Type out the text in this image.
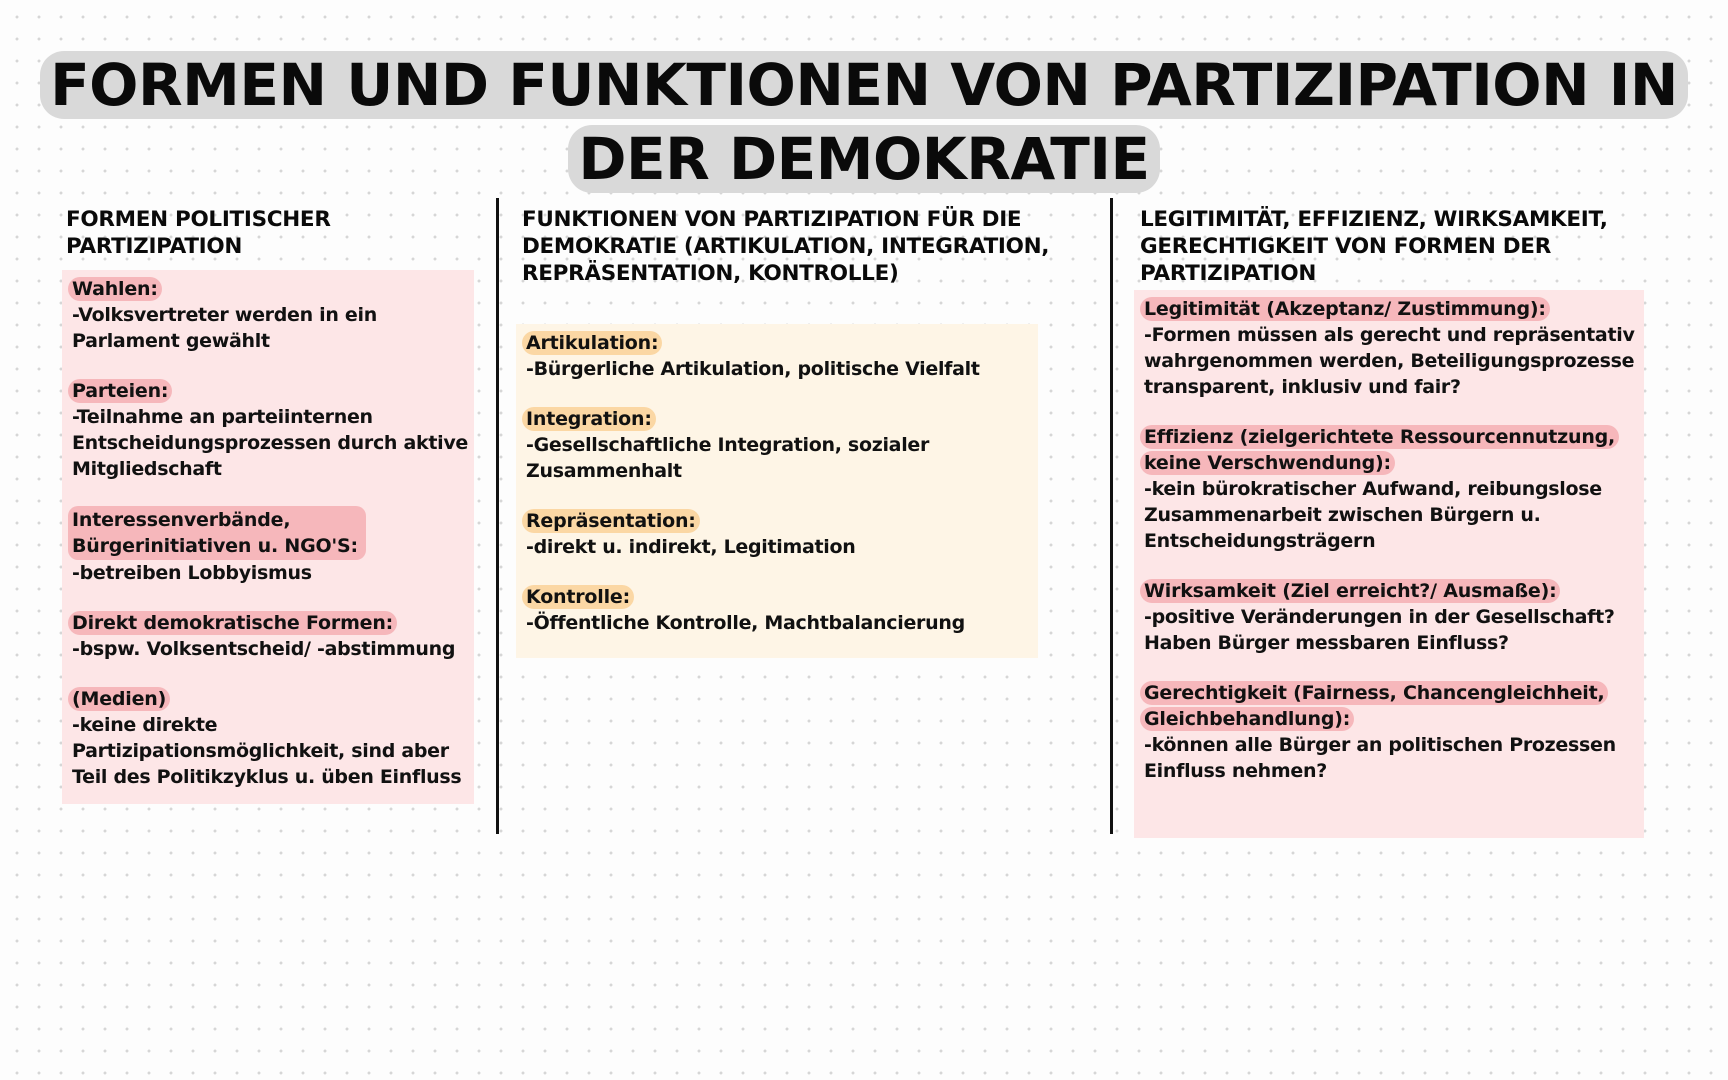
FORMEN UND FUNKTIONEN VON PARTIZIPATION IN
DER DEMOKRATIE
FORMEN POLITISCHER PARTIZIPATION
Wahlen:
-Volksvertreter werden in ein Parlament gewählt
Parteien:
-Teilnahme an parteiinternen Entscheidungsprozessen durch aktive Mitgliedschaft
Interessenverbände, Bürgerinitiativen u. NGO'S:
-betreiben Lobbyismus
Direkt demokratische Formen:
-bspw. Volksentscheid/ -abstimmung
(Medien)
-keine direkte Partizipationsmöglichkeit, sind aber Teil des Politikzyklus u. üben Einfluss
FUNKTIONEN VON PARTIZIPATION FÜR DIE DEMOKRATIE (ARTIKULATION, INTEGRATION, REPRÄSENTATION, KONTROLLE)
Artikulation:
-Bürgerliche Artikulation, politische Vielfalt
Integration:
-Gesellschaftliche Integration, sozialer Zusammenhalt
Repräsentation:
-direkt u. indirekt, Legitimation
Kontrolle:
-Öffentliche Kontrolle, Machtbalancierung
LEGITIMITÄT, EFFIZIENZ, WIRKSAMKEIT, GERECHTIGKEIT VON FORMEN DER PARTIZIPATION
Legitimität (Akzeptanz/ Zustimmung):
-Formen müssen als gerecht und repräsentativ wahrgenommen werden, Beteiligungsprozesse transparent, inklusiv und fair?
Effizienz (zielgerichtete Ressourcennutzung, keine Verschwendung):
-kein bürokratischer Aufwand, reibungslose Zusammenarbeit zwischen Bürgern u. Entscheidungsträgern
Wirksamkeit (Ziel erreicht?/ Ausmaße):
-positive Veränderungen in der Gesellschaft? Haben Bürger messbaren Einfluss?
Gerechtigkeit (Fairness, Chancengleichheit, Gleichbehandlung):
-können alle Bürger an politischen Prozessen Einfluss nehmen?
